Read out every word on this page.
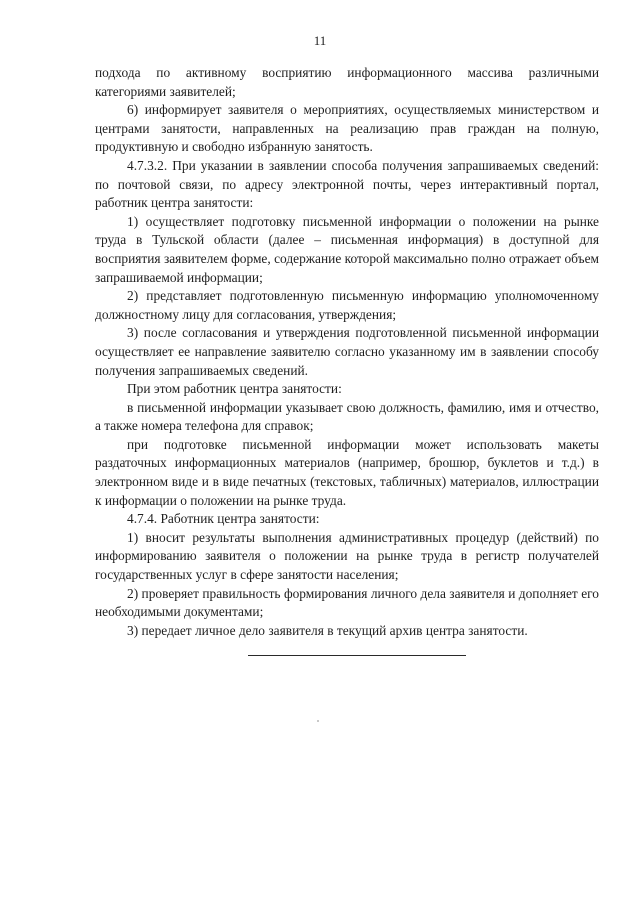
11

подхода по активному восприятию информационного массива различными категориями заявителей;

6) информирует заявителя о мероприятиях, осуществляемых министерством и центрами занятости, направленных на реализацию прав граждан на полную, продуктивную и свободно избранную занятость.

4.7.3.2. При указании в заявлении способа получения запрашиваемых сведений: по почтовой связи, по адресу электронной почты, через интерактивный портал, работник центра занятости:

1) осуществляет подготовку письменной информации о положении на рынке труда в Тульской области (далее – письменная информация) в доступной для восприятия заявителем форме, содержание которой максимально полно отражает объем запрашиваемой информации;

2) представляет подготовленную письменную информацию уполномоченному должностному лицу для согласования, утверждения;

3) после согласования и утверждения подготовленной письменной информации осуществляет ее направление заявителю согласно указанному им в заявлении способу получения запрашиваемых сведений.

При этом работник центра занятости:

в письменной информации указывает свою должность, фамилию, имя и отчество, а также номера телефона для справок;

при подготовке письменной информации может использовать макеты раздаточных информационных материалов (например, брошюр, буклетов и т.д.) в электронном виде и в виде печатных (текстовых, табличных) материалов, иллюстрации к информации о положении на рынке труда.

4.7.4. Работник центра занятости:

1) вносит результаты выполнения административных процедур (действий) по информированию заявителя о положении на рынке труда в регистр получателей государственных услуг в сфере занятости населения;

2) проверяет правильность формирования личного дела заявителя и дополняет его необходимыми документами;

3) передает личное дело заявителя в текущий архив центра занятости.
